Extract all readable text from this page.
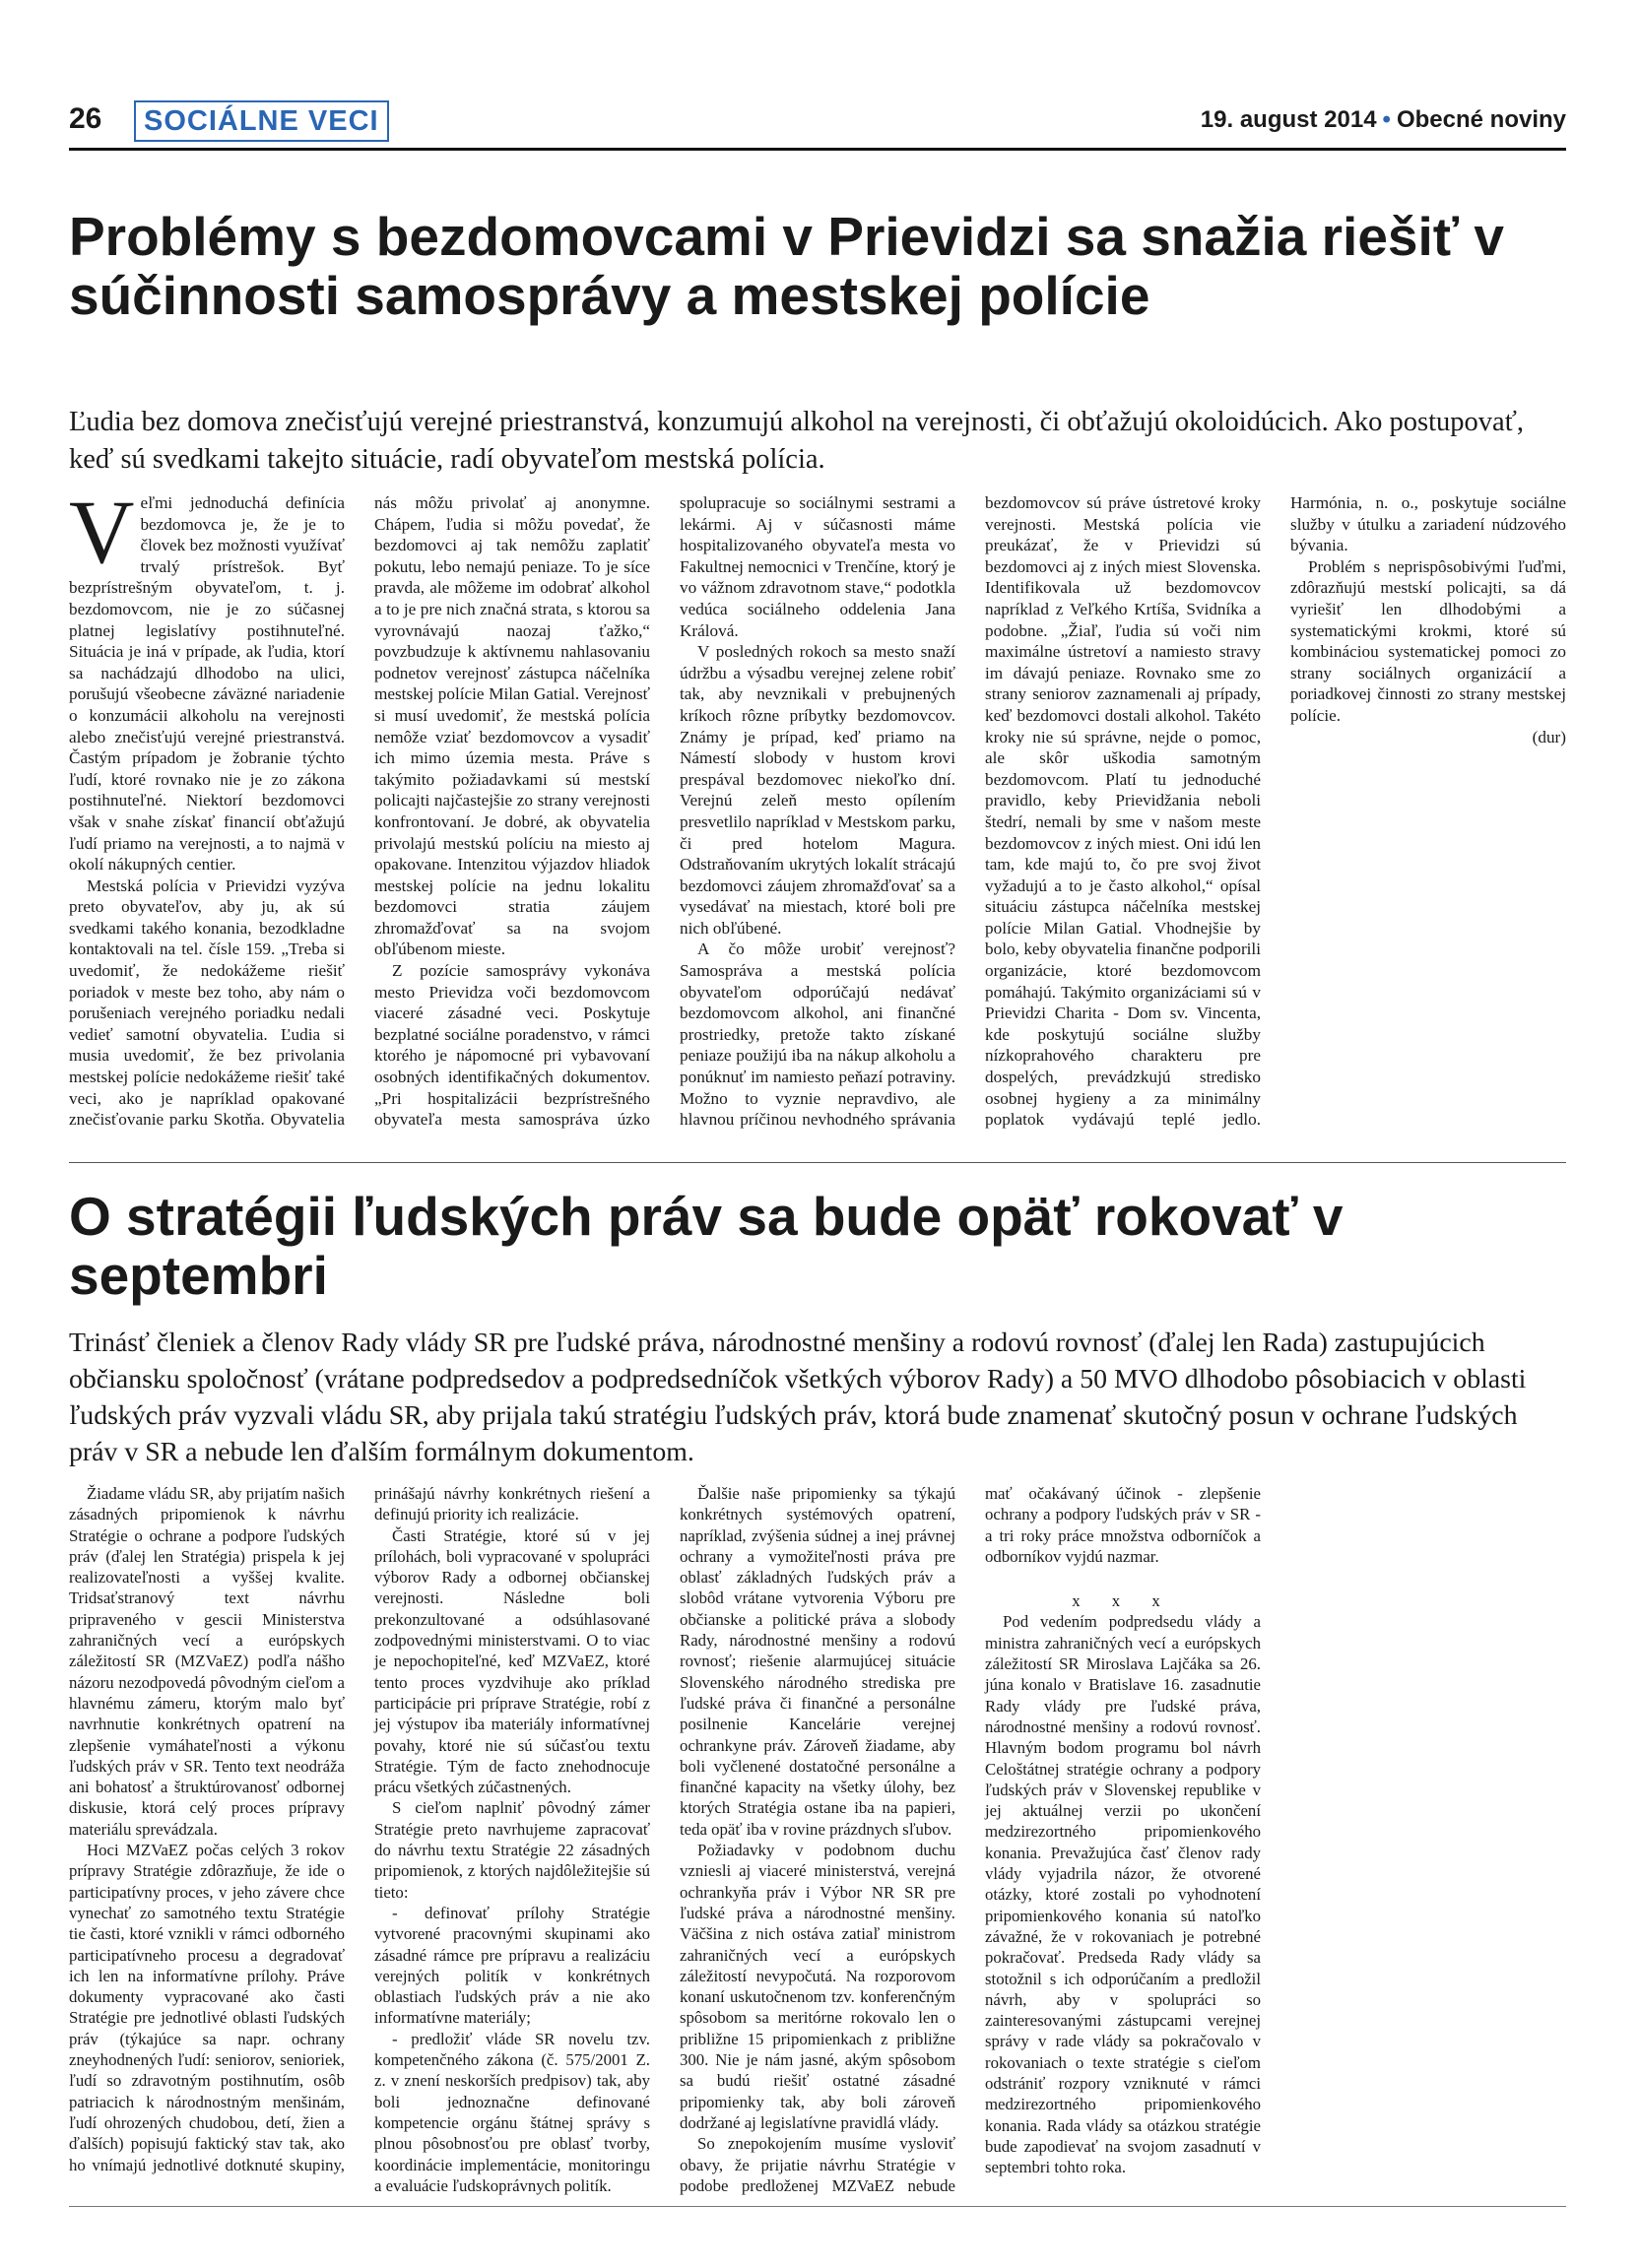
26	SOCIÁLNE VECI	19. august 2014 • Obecné noviny
Problémy s bezdomovcami v Prievidzi sa snažia riešiť v súčinnosti samosprávy a mestskej polície

Ľudia bez domova znečisťujú verejné priestranstvá, konzumujú alkohol na verejnosti, či obťažujú okoloidúcich. Ako postupovať, keď sú svedkami takejto situácie, radí obyvateľom mestská polícia.

Veľmi jednoduchá definícia bezdomovca je, že je to človek bez možnosti využívať trvalý prístrešok. Byť bezprístrešným obyvateľom, t. j. bezdomovcom, nie je zo súčasnej platnej legislatívy postihnuteľné. Situácia je iná v prípade, ak ľudia, ktorí sa nachádzajú dlhodobo na ulici, porušujú všeobecne záväzné nariadenie o konzumácii alkoholu na verejnosti alebo znečisťujú verejné priestranstvá. Častým prípadom je žobranie týchto ľudí, ktoré rovnako nie je zo zákona postihnuteľné. Niektorí bezdomovci však v snahe získať financií obťažujú ľudí priamo na verejnosti, a to najmä v okolí nákupných centier.

Mestská polícia v Prievidzi vyzýva preto obyvateľov, aby ju, ak sú svedkami takého konania, bezodkladne kontaktovali na tel. čísle 159. „Treba si uvedomiť, že nedokážeme riešiť poriadok v meste bez toho, aby nám o porušeniach verejného poriadku nedali vedieť samotní obyvatelia. Ľudia si musia uvedomiť, že bez privolania mestskej polície nedokážeme riešiť také veci, ako je napríklad opakované znečisťovanie parku Skotňa. Obyvatelia nás môžu privolať aj anonymne. Chápem, ľudia si môžu povedať, že bezdomovci aj tak nemôžu zaplatiť pokutu, lebo nemajú peniaze. To je síce pravda, ale môžeme im odobrať alkohol a to je pre nich značná strata, s ktorou sa vyrovnávajú naozaj ťažko,“ povzbudzuje k aktívnemu nahlasovaniu podnetov verejnosť zástupca náčelníka mestskej polície Milan Gatial. Verejnosť si musí uvedomiť, že mestská polícia nemôže vziať bezdomovcov a vysadiť ich mimo územia mesta. Práve s takýmito požiadavkami sú mestskí policajti najčastejšie zo strany verejnosti konfrontovaní. Je dobré, ak obyvatelia privolajú mestskú políciu na miesto aj opakovane. Intenzitou výjazdov hliadok mestskej polície na jednu lokalitu bezdomovci stratia záujem zhromažďovať sa na svojom obľúbenom mieste.

Z pozície samosprávy vykonáva mesto Prievidza voči bezdomovcom viaceré zásadné veci. Poskytuje bezplatné sociálne poradenstvo, v rámci ktorého je nápomocné pri vybavovaní osobných identifikačných dokumentov. „Pri hospitalizácii bezprístrešného obyvateľa mesta samospráva úzko spolupracuje so sociálnymi sestrami a lekármi. Aj v súčasnosti máme hospitalizovaného obyvateľa mesta vo Fakultnej nemocnici v Trenčíne, ktorý je vo vážnom zdravotnom stave,“ podotkla vedúca sociálneho oddelenia Jana Králová.

V posledných rokoch sa mesto snaží údržbu a výsadbu verejnej zelene robiť tak, aby nevznikali v prebujnených kríkoch rôzne príbytky bezdomovcov. Známy je prípad, keď priamo na Námestí slobody v hustom krovi prespával bezdomovec niekoľko dní. Verejnú zeleň mesto opílením presvetlilo napríklad v Mestskom parku, či pred hotelom Magura. Odstraňovaním ukrytých lokalít strácajú bezdomovci záujem zhromažďovať sa a vysedávať na miestach, ktoré boli pre nich obľúbené.

A čo môže urobiť verejnosť? Samospráva a mestská polícia obyvateľom odporúčajú nedávať bezdomovcom alkohol, ani finančné prostriedky, pretože takto získané peniaze použijú iba na nákup alkoholu a ponúknuť im namiesto peňazí potraviny. Možno to vyznie nepravdivo, ale hlavnou príčinou nevhodného správania bezdomovcov sú práve ústretové kroky verejnosti. Mestská polícia vie preukázať, že v Prievidzi sú bezdomovci aj z iných miest Slovenska. Identifikovala už bezdomovcov napríklad z Veľkého Krtíša, Svidníka a podobne. „Žiaľ, ľudia sú voči nim maximálne ústretoví a namiesto stravy im dávajú peniaze. Rovnako sme zo strany seniorov zaznamenali aj prípady, keď bezdomovci dostali alkohol. Takéto kroky nie sú správne, nejde o pomoc, ale skôr uškodia samotným bezdomovcom. Platí tu jednoduché pravidlo, keby Prievidžania neboli štedrí, nemali by sme v našom meste bezdomovcov z iných miest. Oni idú len tam, kde majú to, čo pre svoj život vyžadujú a to je často alkohol,“ opísal situáciu zástupca náčelníka mestskej polície Milan Gatial. Vhodnejšie by bolo, keby obyvatelia finančne podporili organizácie, ktoré bezdomovcom pomáhajú. Takýmito organizáciami sú v Prievidzi Charita - Dom sv. Vincenta, kde poskytujú sociálne služby nízkoprahového charakteru pre dospelých, prevádzkujú stredisko osobnej hygieny a za minimálny poplatok vydávajú teplé jedlo. Harmónia, n. o., poskytuje sociálne služby v útulku a zariadení núdzového bývania.

Problém s neprispôsobivými ľuďmi, zdôrazňujú mestskí policajti, sa dá vyriešiť len dlhodobými a systematickými krokmi, ktoré sú kombináciou systematickej pomoci zo strany sociálnych organizácií a poriadkovej činnosti zo strany mestskej polície.

(dur)

O stratégii ľudských práv sa bude opäť rokovať v septembri

Trinásť členiek a členov Rady vlády SR pre ľudské práva, národnostné menšiny a rodovú rovnosť (ďalej len Rada) zastupujúcich občiansku spoločnosť (vrátane podpredsedov a podpredsedníčok všetkých výborov Rady) a 50 MVO dlhodobo pôsobiacich v oblasti ľudských práv vyzvali vládu SR, aby prijala takú stratégiu ľudských práv, ktorá bude znamenať skutočný posun v ochrane ľudských práv v SR a nebude len ďalším formálnym dokumentom.

Žiadame vládu SR, aby prijatím našich zásadných pripomienok k návrhu Stratégie o ochrane a podpore ľudských práv (ďalej len Stratégia) prispela k jej realizovateľnosti a vyššej kvalite. Tridsaťstranový text návrhu pripraveného v gescii Ministerstva zahraničných vecí a európskych záležitostí SR (MZVaEZ) podľa nášho názoru nezodpovedá pôvodným cieľom a hlavnému zámeru, ktorým malo byť navrhnutie konkrétnych opatrení na zlepšenie vymáhateľnosti a výkonu ľudských práv v SR. Tento text neodráža ani bohatosť a štruktúrovanosť odbornej diskusie, ktorá celý proces prípravy materiálu sprevádzala.

Hoci MZVaEZ počas celých 3 rokov prípravy Stratégie zdôrazňuje, že ide o participatívny proces, v jeho závere chce vynechať zo samotného textu Stratégie tie časti, ktoré vznikli v rámci odborného participatívneho procesu a degradovať ich len na informatívne prílohy. Práve dokumenty vypracované ako časti Stratégie pre jednotlivé oblasti ľudských práv (týkajúce sa napr. ochrany zneyhodnených ľudí: seniorov, senioriek, ľudí so zdravotným postihnutím, osôb patriacich k národnostným menšinám, ľudí ohrozených chudobou, detí, žien a ďalších) popisujú faktický stav tak, ako ho vnímajú jednotlivé dotknuté skupiny, prinášajú návrhy konkrétnych riešení a definujú priority ich realizácie.

Časti Stratégie, ktoré sú v jej prílohách, boli vypracované v spolupráci výborov Rady a odbornej občianskej verejnosti. Následne boli prekonzultované a odsúhlasované zodpovednými ministerstvami. O to viac je nepochopiteľné, keď MZVaEZ, ktoré tento proces vyzdvihuje ako príklad participácie pri príprave Stratégie, robí z jej výstupov iba materiály informatívnej povahy, ktoré nie sú súčasťou textu Stratégie. Tým de facto znehodnocuje prácu všetkých zúčastnených.

S cieľom naplniť pôvodný zámer Stratégie preto navrhujeme zapracovať do návrhu textu Stratégie 22 zásadných pripomienok, z ktorých najdôležitejšie sú tieto:

- definovať prílohy Stratégie vytvorené pracovnými skupinami ako zásadné rámce pre prípravu a realizáciu verejných politík v konkrétnych oblastiach ľudských práv a nie ako informatívne materiály;

- predložiť vláde SR novelu tzv. kompetenčného zákona (č. 575/2001 Z. z. v znení neskorších predpisov) tak, aby boli jednoznačne definované kompetencie orgánu štátnej správy s plnou pôsobnosťou pre oblasť tvorby, koordinácie implementácie, monitoringu a evaluácie ľudskoprávnych politík.

Ďalšie naše pripomienky sa týkajú konkrétnych systémových opatrení, napríklad, zvýšenia súdnej a inej právnej ochrany a vymožiteľnosti práva pre oblasť základných ľudských práv a slobôd vrátane vytvorenia Výboru pre občianske a politické práva a slobody Rady, národnostné menšiny a rodovú rovnosť; riešenie alarmujúcej situácie Slovenského národného strediska pre ľudské práva či finančné a personálne posilnenie Kancelárie verejnej ochrankyne práv. Zároveň žiadame, aby boli vyčlenené dostatočné personálne a finančné kapacity na všetky úlohy, bez ktorých Stratégia ostane iba na papieri, teda opäť iba v rovine prázdnych sľubov.

Požiadavky v podobnom duchu vzniesli aj viaceré ministerstvá, verejná ochrankyňa práv i Výbor NR SR pre ľudské práva a národnostné menšiny. Väčšina z nich ostáva zatiaľ ministrom zahraničných vecí a európskych záležitostí nevypočutá. Na rozporovom konaní uskutočnenom tzv. konferenčným spôsobom sa meritórne rokovalo len o približne 15 pripomienkach z približne 300. Nie je nám jasné, akým spôsobom sa budú riešiť ostatné zásadné pripomienky tak, aby boli zároveň dodržané aj legislatívne pravidlá vlády.

So znepokojením musíme vysloviť obavy, že prijatie návrhu Stratégie v podobe predloženej MZVaEZ nebude mať očakávaný účinok - zlepšenie ochrany a podpory ľudských práv v SR - a tri roky práce množstva odborníčok a odborníkov vyjdú nazmar.

x x x

Pod vedením podpredsedu vlády a ministra zahraničných vecí a európskych záležitostí SR Miroslava Lajčáka sa 26. júna konalo v Bratislave 16. zasadnutie Rady vlády pre ľudské práva, národnostné menšiny a rodovú rovnosť. Hlavným bodom programu bol návrh Celoštátnej stratégie ochrany a podpory ľudských práv v Slovenskej republike v jej aktuálnej verzii po ukončení medzirezortného pripomienkového konania. Prevažujúca časť členov rady vlády vyjadrila názor, že otvorené otázky, ktoré zostali po vyhodnotení pripomienkového konania sú natoľko závažné, že v rokovaniach je potrebné pokračovať. Predseda Rady vlády sa stotožnil s ich odporúčaním a predložil návrh, aby v spolupráci so zainteresovanými zástupcami verejnej správy v rade vlády sa pokračovalo v rokovaniach o texte stratégie s cieľom odstrániť rozpory vzniknuté v rámci medzirezortného pripomienkového konania. Rada vlády sa otázkou stratégie bude zapodievať na svojom zasadnutí v septembri tohto roka.
